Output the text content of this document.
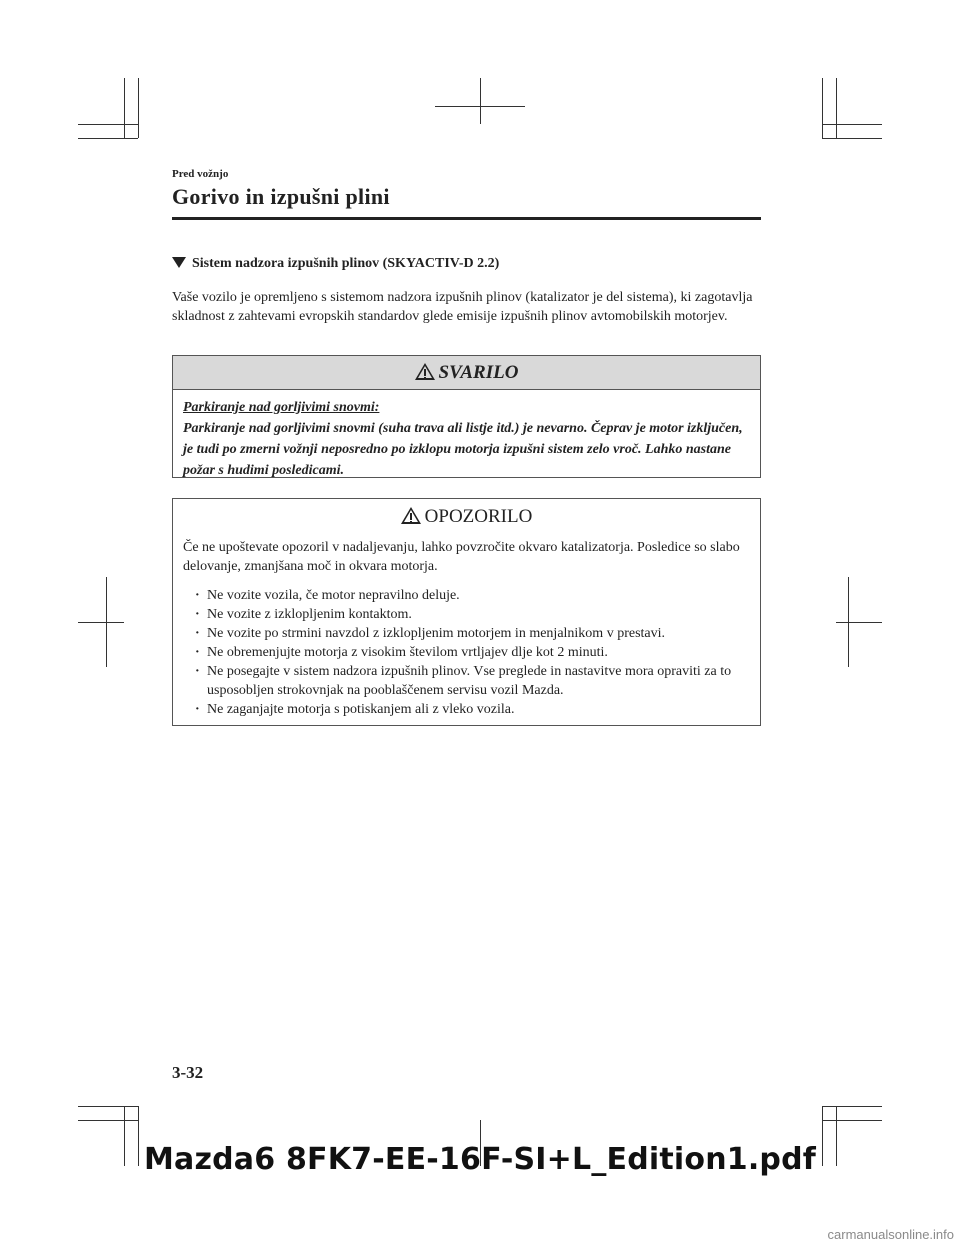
Pred vožnjo
Gorivo in izpušni plini
Sistem nadzora izpušnih plinov (SKYACTIV-D 2.2)
Vaše vozilo je opremljeno s sistemom nadzora izpušnih plinov (katalizator je del sistema), ki zagotavlja skladnost z zahtevami evropskih standardov glede emisije izpušnih plinov avtomobilskih motorjev.
SVARILO
Parkiranje nad gorljivimi snovmi:
Parkiranje nad gorljivimi snovmi (suha trava ali listje itd.) je nevarno. Čeprav je motor izključen, je tudi po zmerni vožnji neposredno po izklopu motorja izpušni sistem zelo vroč. Lahko nastane požar s hudimi posledicami.
OPOZORILO
Če ne upoštevate opozoril v nadaljevanju, lahko povzročite okvaro katalizatorja. Posledice so slabo delovanje, zmanjšana moč in okvara motorja.
· Ne vozite vozila, če motor nepravilno deluje.
· Ne vozite z izklopljenim kontaktom.
· Ne vozite po strmini navzdol z izklopljenim motorjem in menjalnikom v prestavi.
· Ne obremenjujte motorja z visokim številom vrtljajev dlje kot 2 minuti.
· Ne posegajte v sistem nadzora izpušnih plinov. Vse preglede in nastavitve mora opraviti za to usposobljen strokovnjak na pooblaščenem servisu vozil Mazda.
· Ne zaganjajte motorja s potiskanjem ali z vleko vozila.
3-32
Mazda6 8FK7-EE-16F-SI+L_Edition1.pdf
carmanualsonline.info
